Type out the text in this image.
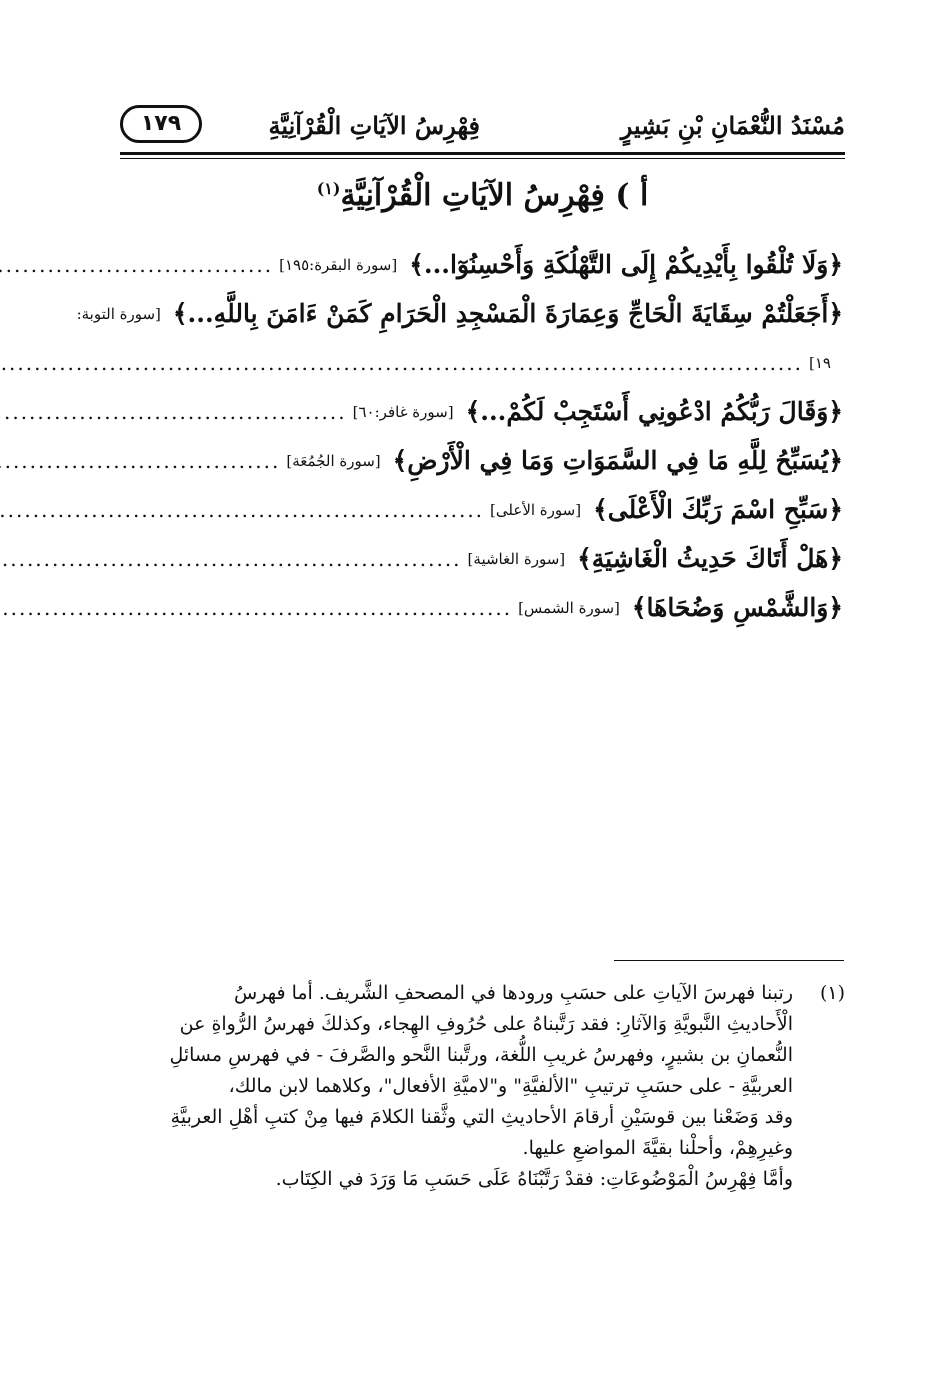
مُسْنَدُ النُّعْمَانِ بْنِ بَشِيرٍ
فِهْرِسُ الآيَاتِ الْقُرْآنِيَّةِ
١٧٩
أ ) فِهْرِسُ الآيَاتِ الْقُرْآنِيَّةِ$^{(١)}$
﴿وَلَا تُلْقُوا بِأَيْدِيكُمْ إِلَى التَّهْلُكَةِ وَأَحْسِنُوٓا...﴾
[سورة البقرة:١٩٥]
.....
﴿أَجَعَلْتُمْ سِقَايَةَ الْحَاجِّ وَعِمَارَةَ الْمَسْجِدِ الْحَرَامِ كَمَنْ ءَامَنَ بِاللَّهِ...﴾
[سورة التوبة:
١٩]
.....
﴿وَقَالَ رَبُّكُمُ ادْعُونِي أَسْتَجِبْ لَكُمْ...﴾
[سورة غافر:٦٠]
.....
﴿يُسَبِّحُ لِلَّهِ مَا فِي السَّمَوَاتِ وَمَا فِي الْأَرْضِ﴾
[سورة الجُمُعَة]
.....
﴿سَبِّحِ اسْمَ رَبِّكَ الْأَعْلَى﴾
[سورة الأعلى]
.....
﴿هَلْ أَتَاكَ حَدِيثُ الْغَاشِيَةِ﴾
[سورة الغاشية]
.....
﴿وَالشَّمْسِ وَضُحَاهَا﴾
[سورة الشمس]
.....
(١)
رتبنا فهرسَ الآياتِ على حسَبِ ورودها في المصحفِ الشَّريف. أما فهرسُ
الْأَحاديثِ النَّبويَّةِ وَالآثارِ: فقد رَتَّبناهُ على حُرُوفِ الهِجاء، وكذلكَ فهرسُ الرُّواةِ عن
النُّعمانِ بن بشيرٍ، وفهرسُ غريبِ اللُّغة، ورتَّبنا النَّحو والصَّرفَ - في فهرسِ مسائلِ
العربيَّةِ - على حسَبِ ترتيبِ "الألفيَّةِ" و"لاميَّةِ الأفعال"، وكلاهما لابن مالك،
وقد وَضَعْنا بين قوسَيْنِ أرقامَ الأحاديثِ التي وثَّقنا الكلامَ فيها مِنْ كتبِ أهْلِ العربيَّةِ
وغيرِهِمْ، وأحلْنا بقيَّةَ المواضعِ عليها.
وأمَّا فِهْرِسُ الْمَوْضُوعَاتِ: فقدْ رَتَّبْنَاهُ عَلَى حَسَبِ مَا وَرَدَ في الكِتَاب.
